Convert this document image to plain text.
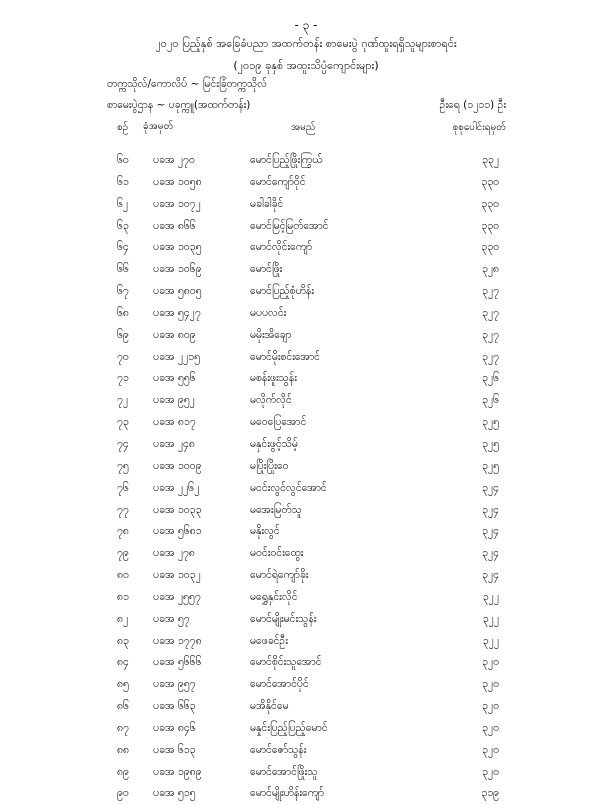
- ၃ -
၂၀၂၀ ပြည့်နှစ် အခြေခံပညာ အထက်တန်း စာမေးပွဲ ဂုဏ်ထူးရရှိသူများစာရင်း
(၂၀၁၉ ခုနှစ် အထူးသိပ္ပံကျောင်းများ)
တက္ကသိုလ်/ကောလိပ် ~ မြင်းခြံတက္ကသိုလ်
စာမေးပွဲဌာန ~ ပခုက္ကူ(အထက်တန်း)	ဦးရေ (၁၂၁၁) ဦး
စဉ် ခုံအမှတ်	အမည်	စုစုပေါင်းရမှတ်
၆၀ ပခအ ၂၇၀	မောင်ပြည့်ဖြိုးကြွယ်	၃၃၂
၆၁ ပခအ ၁၀၅၈	မောင်ကျော်ဝိုင်	၃၃၀
၆၂ ပခအ ၁၀၇၂	မခါခါခိုင်	၃၃၀
၆၃ ပခအ ၈၆၆	မောင်မြင့်မြတ်အောင်	၃၃၀
၆၄ ပခအ ၁၀၃၅	မောင်လိုင်းကျော်	၃၃၀
၆၆ ပခအ ၁၀၆၉	မောင်ဖြိုး	၃၂၈
၆၇ ပခအ ၅၈၀၅	မောင်ပြည့်စုံဟိန်း	၃၂၇
၆၈ ပခအ ၅၄၂၇	မပပလင်း	၃၂၇
၆၉ ပခအ ၈၀၉	မမိုးအိချော	၃၂၇
၇၀ ပခအ ၂၂၁၅	မောင်မိုးစင်းအောင်	၃၂၇
၇၁ ပခအ ၅၅၆	မစန်းဖူးသွန်း	၃၂၆
၇၂ ပခအ ၉၅၂	မလိုက်လိုင်	၃၂၆
၇၃ ပခအ ၈၁၇	မဝေပြေအောင်	၃၂၅
၇၄ ပခအ ၂၄၈	မနှင်းဖွင့်သိမ့်	၃၂၅
၇၅ ပခအ ၁၀၀၉	မပြိုးပြိုးဝေ	၃၂၅
၇၆ ပခအ ၂၂၆၂	မငင်းလွင်လွင်အောင်	၃၂၄
၇၇ ပခအ ၁၀၃၃	မအေးမြတ်သူ	၃၂၄
၇၈ ပခအ ၅၆၈၁	မနိုးလွင်	၃၂၄
၇၉ ပခအ ၂၇၈	မဝင်းဝင်းထွေး	၃၂၄
၈၀ ပခအ ၁၀၃၂	မောင်ရဲကျော်ခိုး	၃၂၄
၈၁ ပခအ ၂၅၅၇	မရွှေနှင်းလိုင်	၃၂၂
၈၂ ပခအ ၅၇	မောင်မျိုးမင်းသွန်း	၃၂၂
၈၃ ပခအ ၁၇၇၈	မဖေခင်ဦး	၃၂၂
၈၄ ပခအ ၅၆၆၆	မောင်စိုင်းသူအောင်	၃၂၀
၈၅ ပခအ ၉၅၇	မောင်အောင်ပိုင်	၃၂၀
၈၆ ပခအ ၆၆၃	မအိနိုင်မေ	၃၂၀
၈၇ ပခအ ၈၄၆	မနှုင်းပြည့်ပြည့်မောင်	၃၂၀
၈၈ ပခအ ၆၁၃	မောင်ဇော်သွန်း	၃၂၀
၈၉ ပခအ ၁၉၈၉	မောင်အောင်ဖြိုးသူ	၃၂၀
၉၀ ပခအ ၅၁၅	မောင်မျိုးဟိန်းကျော်	၃၁၉
